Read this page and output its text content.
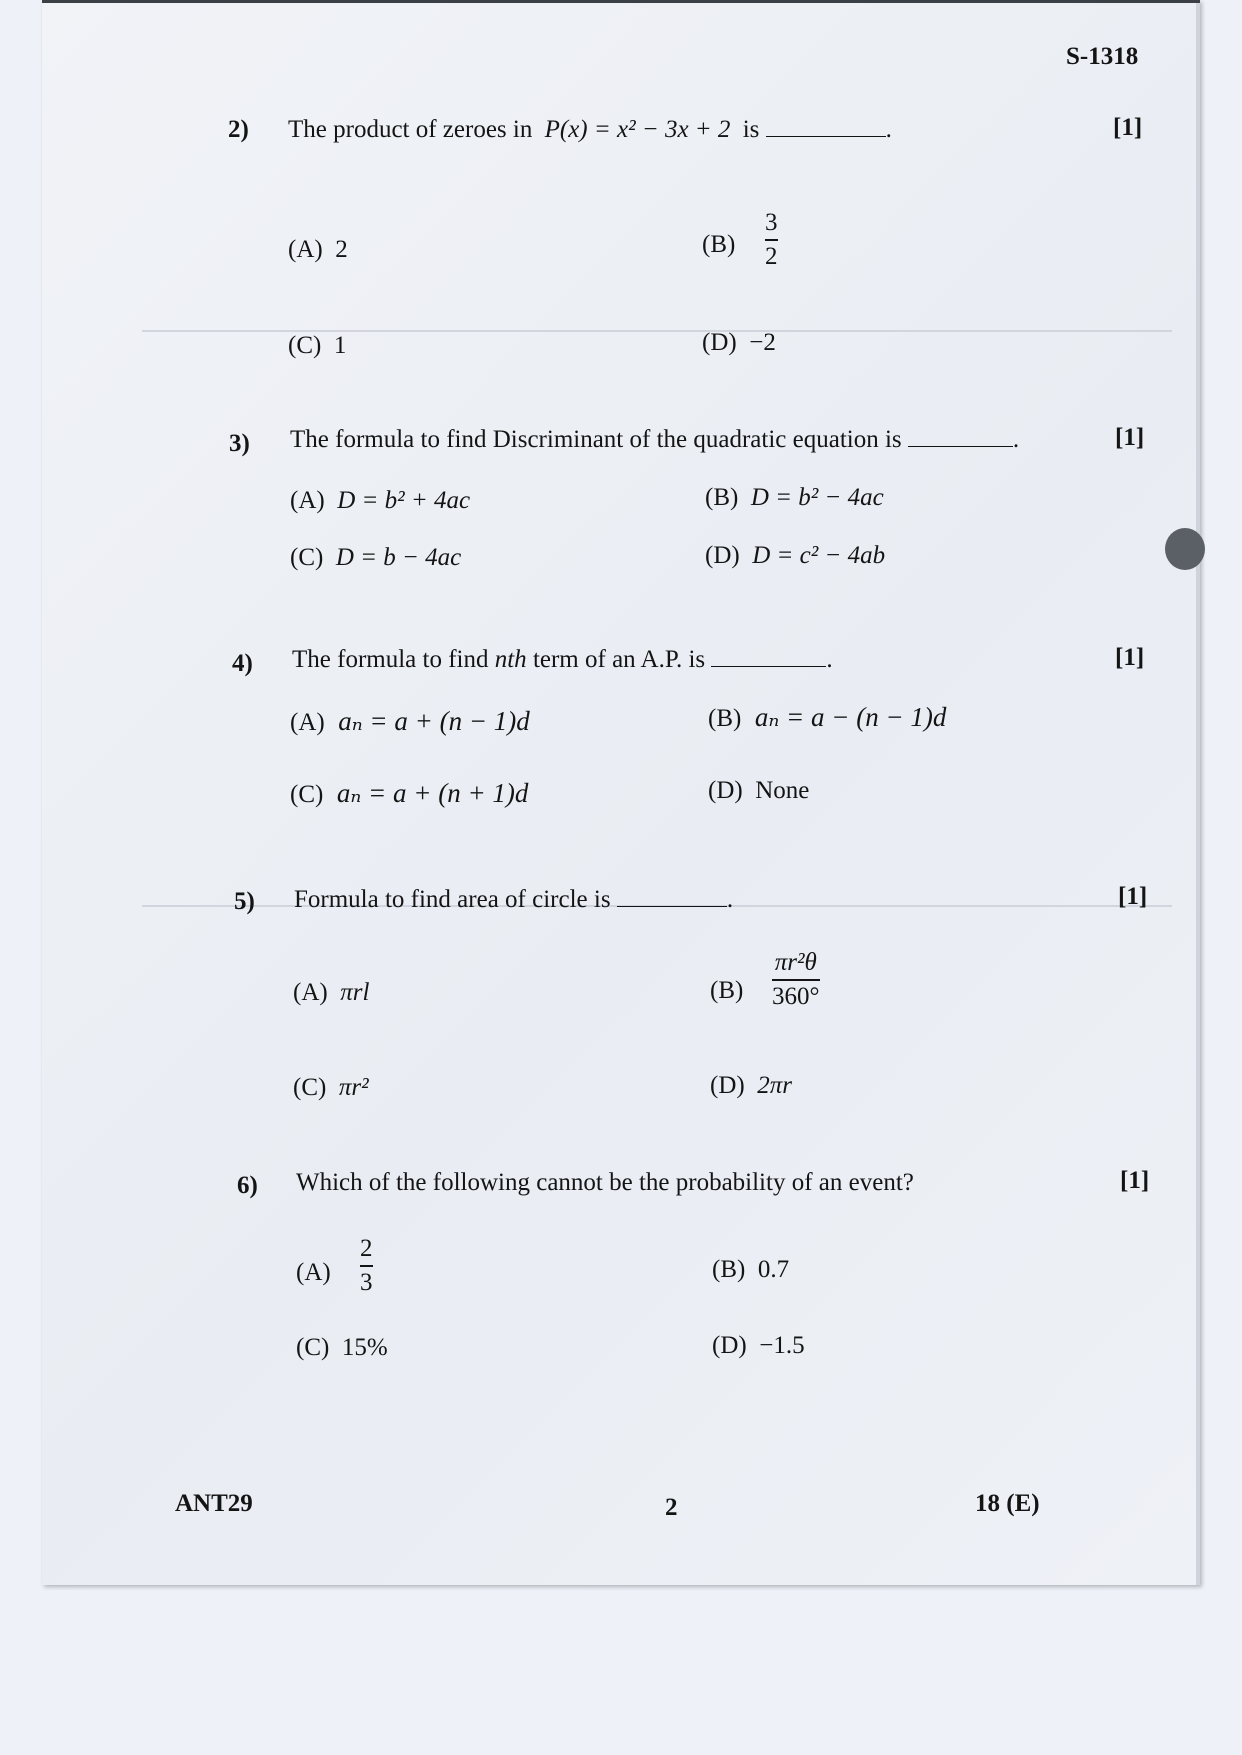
S-1318
2) The product of zeroes in P(x) = x² − 3x + 2 is	.	[1]
(A) 2	(B)
3
2
(C) 1	(D) −2
3) The formula to find Discriminant of the quadratic equation is	.	[1]
(A) D = b² + 4ac	(B) D = b² − 4ac
(C) D = b − 4ac	(D) D = c² − 4ab
4) The formula to find nth term of an A.P. is	.	[1]
(A) aₙ = a + (n − 1)d	(B) aₙ = a − (n − 1)d
(C) aₙ = a + (n + 1)d	(D) None
5) Formula to find area of circle is	.	[1]
(A) πrl	(B)
πr²θ
360°
(C) πr²	(D) 2πr
6) Which of the following cannot be the probability of an event?	[1]
(A)
2
3	(B) 0.7
(C) 15%	(D) −1.5
ANT29	2	18 (E)
